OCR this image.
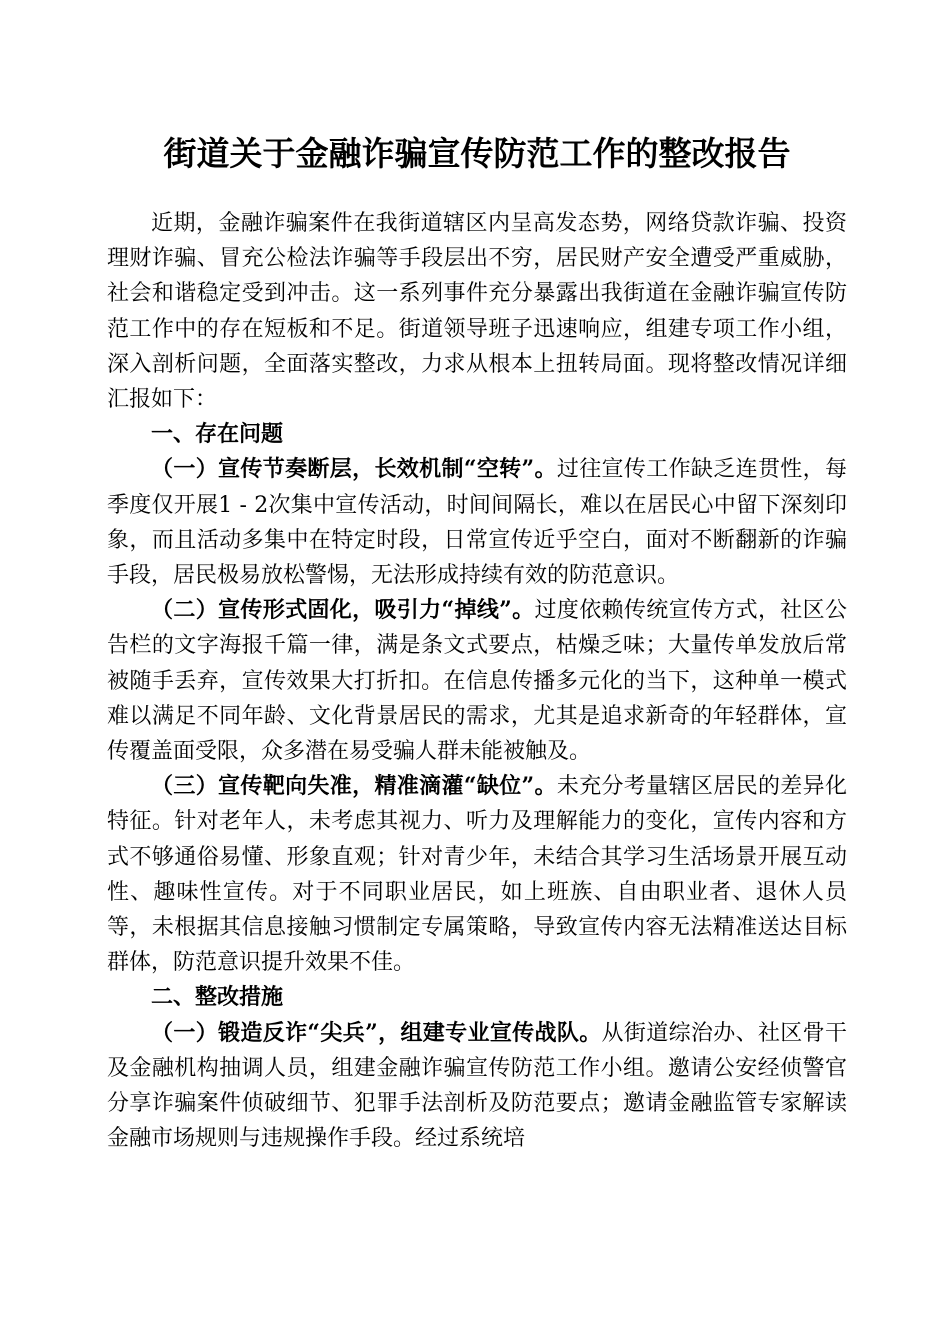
街道关于金融诈骗宣传防范工作的整改报告

近期，金融诈骗案件在我街道辖区内呈高发态势，网络贷款诈骗、投资理财诈骗、冒充公检法诈骗等手段层出不穷，居民财产安全遭受严重威胁，社会和谐稳定受到冲击。这一系列事件充分暴露出我街道在金融诈骗宣传防范工作中的存在短板和不足。街道领导班子迅速响应，组建专项工作小组，深入剖析问题，全面落实整改，力求从根本上扭转局面。现将整改情况详细汇报如下：

一、存在问题

（一）宣传节奏断层，长效机制“空转”。过往宣传工作缺乏连贯性，每季度仅开展1 - 2次集中宣传活动，时间间隔长，难以在居民心中留下深刻印象，而且活动多集中在特定时段，日常宣传近乎空白，面对不断翻新的诈骗手段，居民极易放松警惕，无法形成持续有效的防范意识。

（二）宣传形式固化，吸引力“掉线”。过度依赖传统宣传方式，社区公告栏的文字海报千篇一律，满是条文式要点，枯燥乏味；大量传单发放后常被随手丢弃，宣传效果大打折扣。在信息传播多元化的当下，这种单一模式难以满足不同年龄、文化背景居民的需求，尤其是追求新奇的年轻群体，宣传覆盖面受限，众多潜在易受骗人群未能被触及。

（三）宣传靶向失准，精准滴灌“缺位”。未充分考量辖区居民的差异化特征。针对老年人，未考虑其视力、听力及理解能力的变化，宣传内容和方式不够通俗易懂、形象直观；针对青少年，未结合其学习生活场景开展互动性、趣味性宣传。对于不同职业居民，如上班族、自由职业者、退休人员等，未根据其信息接触习惯制定专属策略，导致宣传内容无法精准送达目标群体，防范意识提升效果不佳。

二、整改措施

（一）锻造反诈“尖兵”，组建专业宣传战队。从街道综治办、社区骨干及金融机构抽调人员，组建金融诈骗宣传防范工作小组。邀请公安经侦警官分享诈骗案件侦破细节、犯罪手法剖析及防范要点；邀请金融监管专家解读金融市场规则与违规操作手段。经过系统培
